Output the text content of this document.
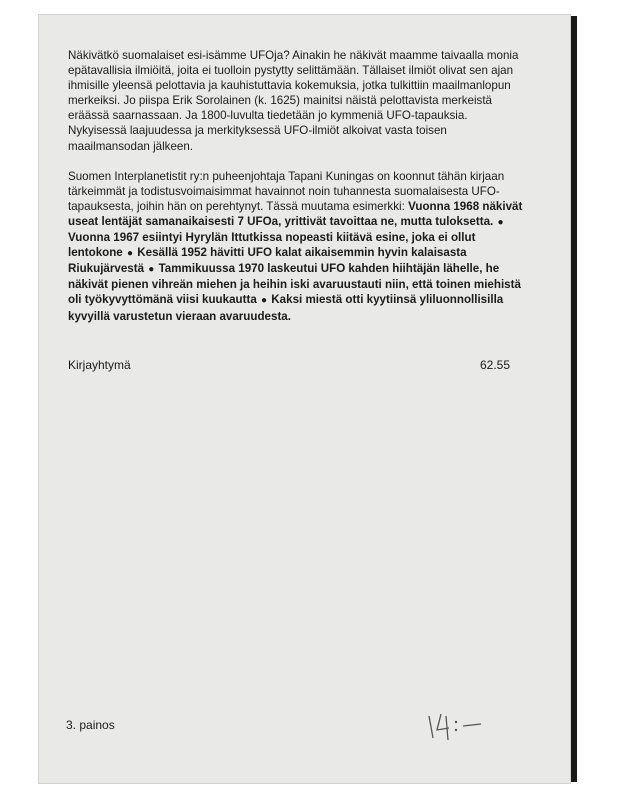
Näkivätkö suomalaiset esi-isämme UFOja? Ainakin he näkivät maamme taivaalla monia epätavallisia ilmiöitä, joita ei tuolloin pystytty selittämään. Tällaiset ilmiöt olivat sen ajan ihmisille yleensä pelottavia ja kauhistuttavia kokemuksia, jotka tulkittiin maailmanlopun merkeiksi. Jo piispa Erik Sorolainen (k. 1625) mainitsi näistä pelottavista merkeistä eräässä saarnassaan. Ja 1800-luvulta tiedetään jo kymmeniä UFO-tapauksia. Nykyisessä laajuudessa ja merkityksessä UFO-ilmiöt alkoivat vasta toisen maailmansodan jälkeen.

Suomen Interplanetistit ry:n puheenjohtaja Tapani Kuningas on koonnut tähän kirjaan tärkeimmät ja todistusvoimaisimmat havainnot noin tuhannesta suomalaisesta UFO-tapauksesta, joihin hän on perehtynyt. Tässä muutama esimerkki: Vuonna 1968 näkivät useat lentäjät samanaikaisesti 7 UFOa, yrittivät tavoittaa ne, mutta tuloksetta. ● Vuonna 1967 esiintyi Hyrylän Ittutkissa nopeasti kiitävä esine, joka ei ollut lentokone ● Kesällä 1952 hävitti UFO kalat aikaisemmin hyvin kalaisasta Riukujärvestä ● Tammikuussa 1970 laskeutui UFO kahden hiihtäjän lähelle, he näkivät pienen vihreän miehen ja heihin iski avaruustauti niin, että toinen miehistä oli työkyvyttömänä viisi kuukautta ● Kaksi miestä otti kyytiinsä yliluonnollisilla kyvyillä varustetun vieraan avaruudesta.

Kirjayhtymä	62.55
3. painos
